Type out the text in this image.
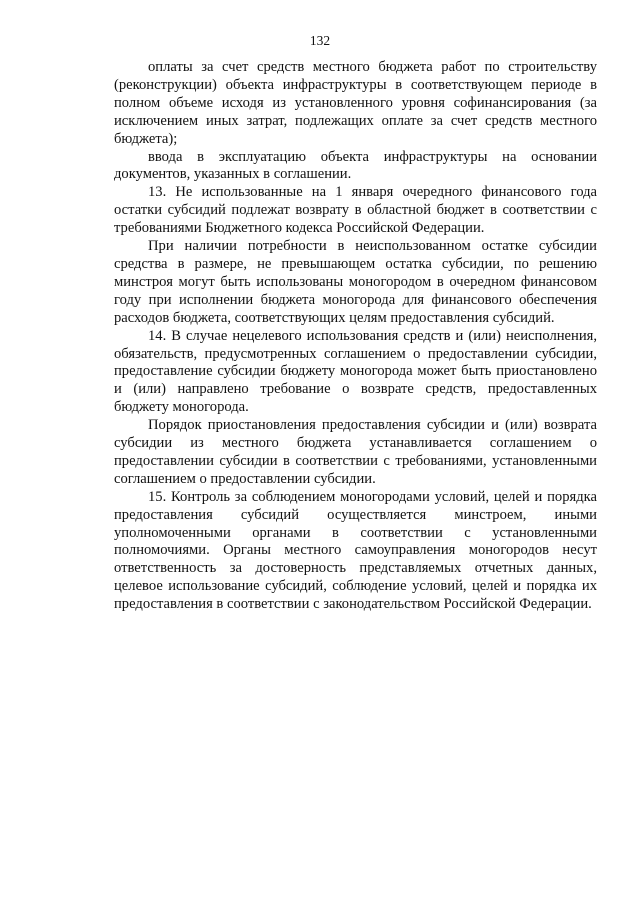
132

оплаты за счет средств местного бюджета работ по строительству (реконструкции) объекта инфраструктуры в соответствующем периоде в полном объеме исходя из установленного уровня софинансирования (за исключением иных затрат, подлежащих оплате за счет средств местного бюджета);

ввода в эксплуатацию объекта инфраструктуры на основании документов, указанных в соглашении.

13. Не использованные на 1 января очередного финансового года остатки субсидий подлежат возврату в областной бюджет в соответствии с требованиями Бюджетного кодекса Российской Федерации.

При наличии потребности в неиспользованном остатке субсидии средства в размере, не превышающем остатка субсидии, по решению минстроя могут быть использованы моногородом в очередном финансовом году при исполнении бюджета моногорода для финансового обеспечения расходов бюджета, соответствующих целям предоставления субсидий.

14. В случае нецелевого использования средств и (или) неисполнения, обязательств, предусмотренных соглашением о предоставлении субсидии, предоставление субсидии бюджету моногорода может быть приостановлено и (или) направлено требование о возврате средств, предоставленных бюджету моногорода.

Порядок приостановления предоставления субсидии и (или) возврата субсидии из местного бюджета устанавливается соглашением о предоставлении субсидии в соответствии с требованиями, установленными соглашением о предоставлении субсидии.

15. Контроль за соблюдением моногородами условий, целей и порядка предоставления субсидий осуществляется минстроем, иными уполномоченными органами в соответствии с установленными полномочиями. Органы местного самоуправления моногородов несут ответственность за достоверность представляемых отчетных данных, целевое использование субсидий, соблюдение условий, целей и порядка их предоставления в соответствии с законодательством Российской Федерации.
